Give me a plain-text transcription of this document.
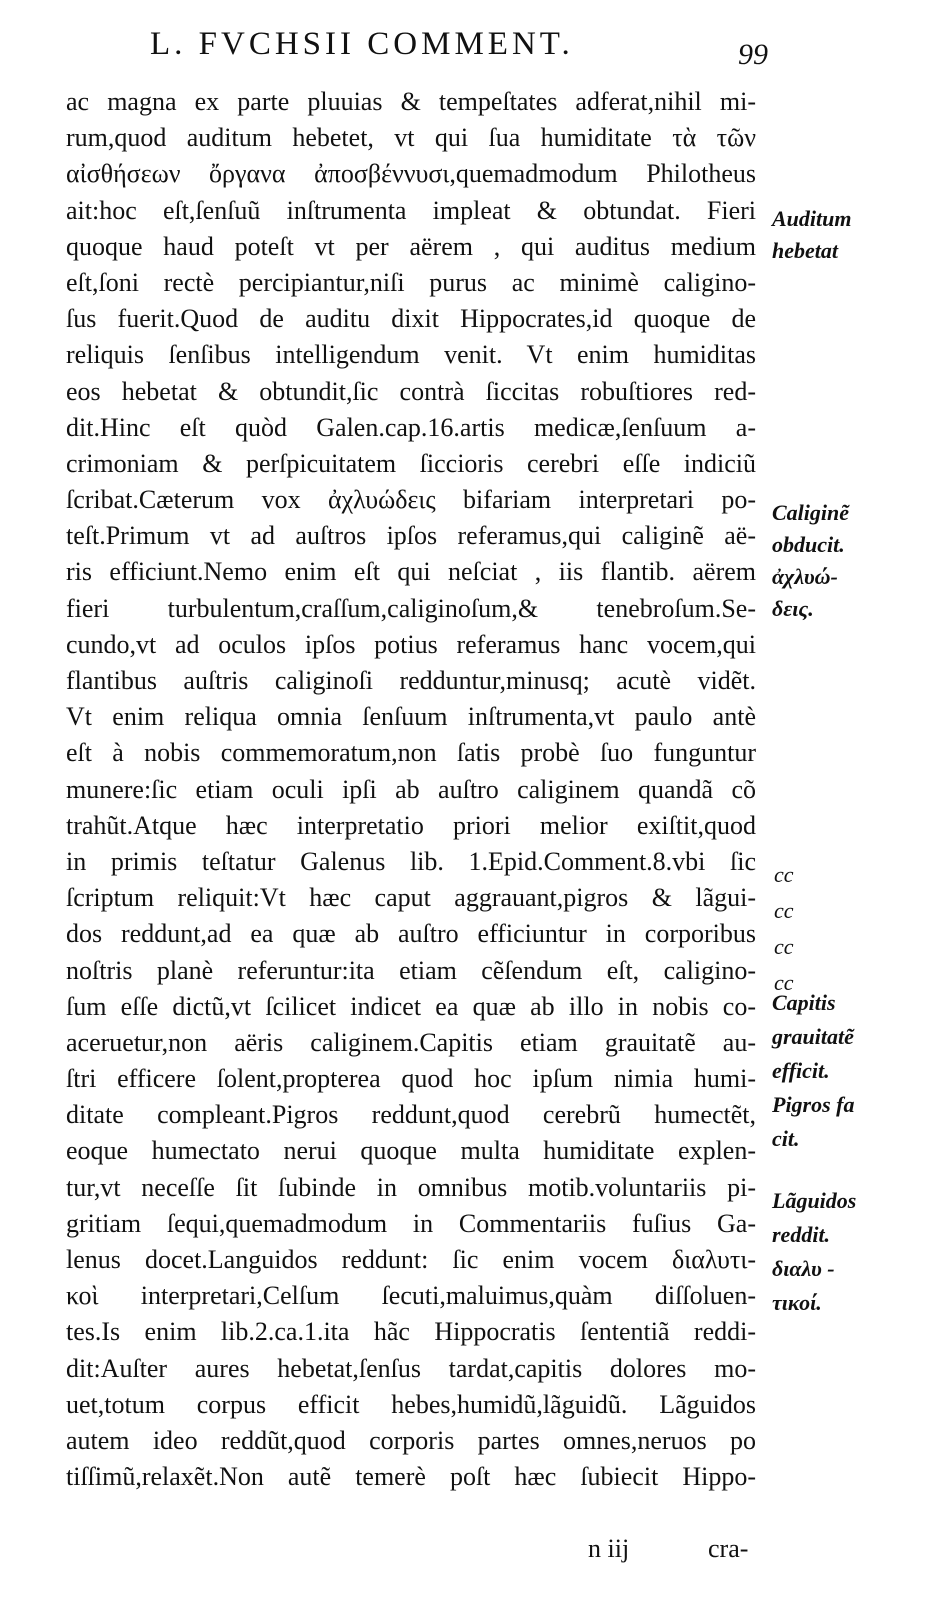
L. FVCHSII COMMENT.	99
ac magna ex parte pluuias & tempeſtates adferat,nihil mi-
rum,quod auditum hebetet, vt qui ſua humiditate τὰ τῶν
αἰσθήσεων ὄργανα ἀποσβέννυσι,quemadmodum Philotheus
ait:hoc eſt,ſenſuũ inſtrumenta impleat & obtundat. Fieri
quoque haud poteſt vt per aërem , qui auditus medium
eſt,ſoni rectè percipiantur,niſi purus ac minimè caligino-
ſus fuerit.Quod de auditu dixit Hippocrates,id quoque de
reliquis ſenſibus intelligendum venit. Vt enim humiditas
eos hebetat & obtundit,ſic contrà ſiccitas robuſtiores red-
dit.Hinc eſt quòd Galen.cap.16.artis medicæ,ſenſuum a-
crimoniam & perſpicuitatem ſiccioris cerebri eſſe indiciũ
ſcribat.Cæterum vox ἀχλυώδεις bifariam interpretari po-
teſt.Primum vt ad auſtros ipſos referamus,qui caliginẽ aë-
ris efficiunt.Nemo enim eſt qui neſciat , iis flantib. aërem
fieri turbulentum,craſſum,caliginoſum,& tenebroſum.Se-
cundo,vt ad oculos ipſos potius referamus hanc vocem,qui
flantibus auſtris caliginoſi redduntur,minusq; acutè vidẽt.
Vt enim reliqua omnia ſenſuum inſtrumenta,vt paulo antè
eſt à nobis commemoratum,non ſatis probè ſuo funguntur
munere:ſic etiam oculi ipſi ab auſtro caliginem quandã cõ
trahũt.Atque hæc interpretatio priori melior exiſtit,quod
in primis teſtatur Galenus lib. 1.Epid.Comment.8.vbi ſic
ſcriptum reliquit:Vt hæc caput aggrauant,pigros & lãgui-
dos reddunt,ad ea quæ ab auſtro efficiuntur in corporibus
noſtris planè referuntur:ita etiam cẽſendum eſt, caligino-
ſum eſſe dictũ,vt ſcilicet indicet ea quæ ab illo in nobis co-
aceruetur,non aëris caliginem.Capitis etiam grauitatẽ au-
ſtri efficere ſolent,propterea quod hoc ipſum nimia humi-
ditate compleant.Pigros reddunt,quod cerebrũ humectẽt,
eoque humectato nerui quoque multa humiditate explen-
tur,vt neceſſe ſit ſubinde in omnibus motib.voluntariis pi-
gritiam ſequi,quemadmodum in Commentariis fuſius Ga-
lenus docet.Languidos reddunt: ſic enim vocem διαλυτι-
κοὶ interpretari,Celſum ſecuti,maluimus,quàm diſſoluen-
tes.Is enim lib.2.ca.1.ita hãc Hippocratis ſententiã reddi-
dit:Auſter aures hebetat,ſenſus tardat,capitis dolores mo-
uet,totum corpus efficit hebes,humidũ,lãguidũ. Lãguidos
autem ideo reddũt,quod corporis partes omnes,neruos po
tiſſimũ,relaxẽt.Non autẽ temerè poſt hæc ſubiecit Hippo-
Auditum
hebetat
Caliginẽ
obducit.
ἀχλυώ-
δεις.
Capitis
grauitatẽ
efficit.
Pigros fa
cit.
Lãguidos
reddit.
διαλυ -
τικοί.
cc
cc
cc
cc
n iij	cra-
